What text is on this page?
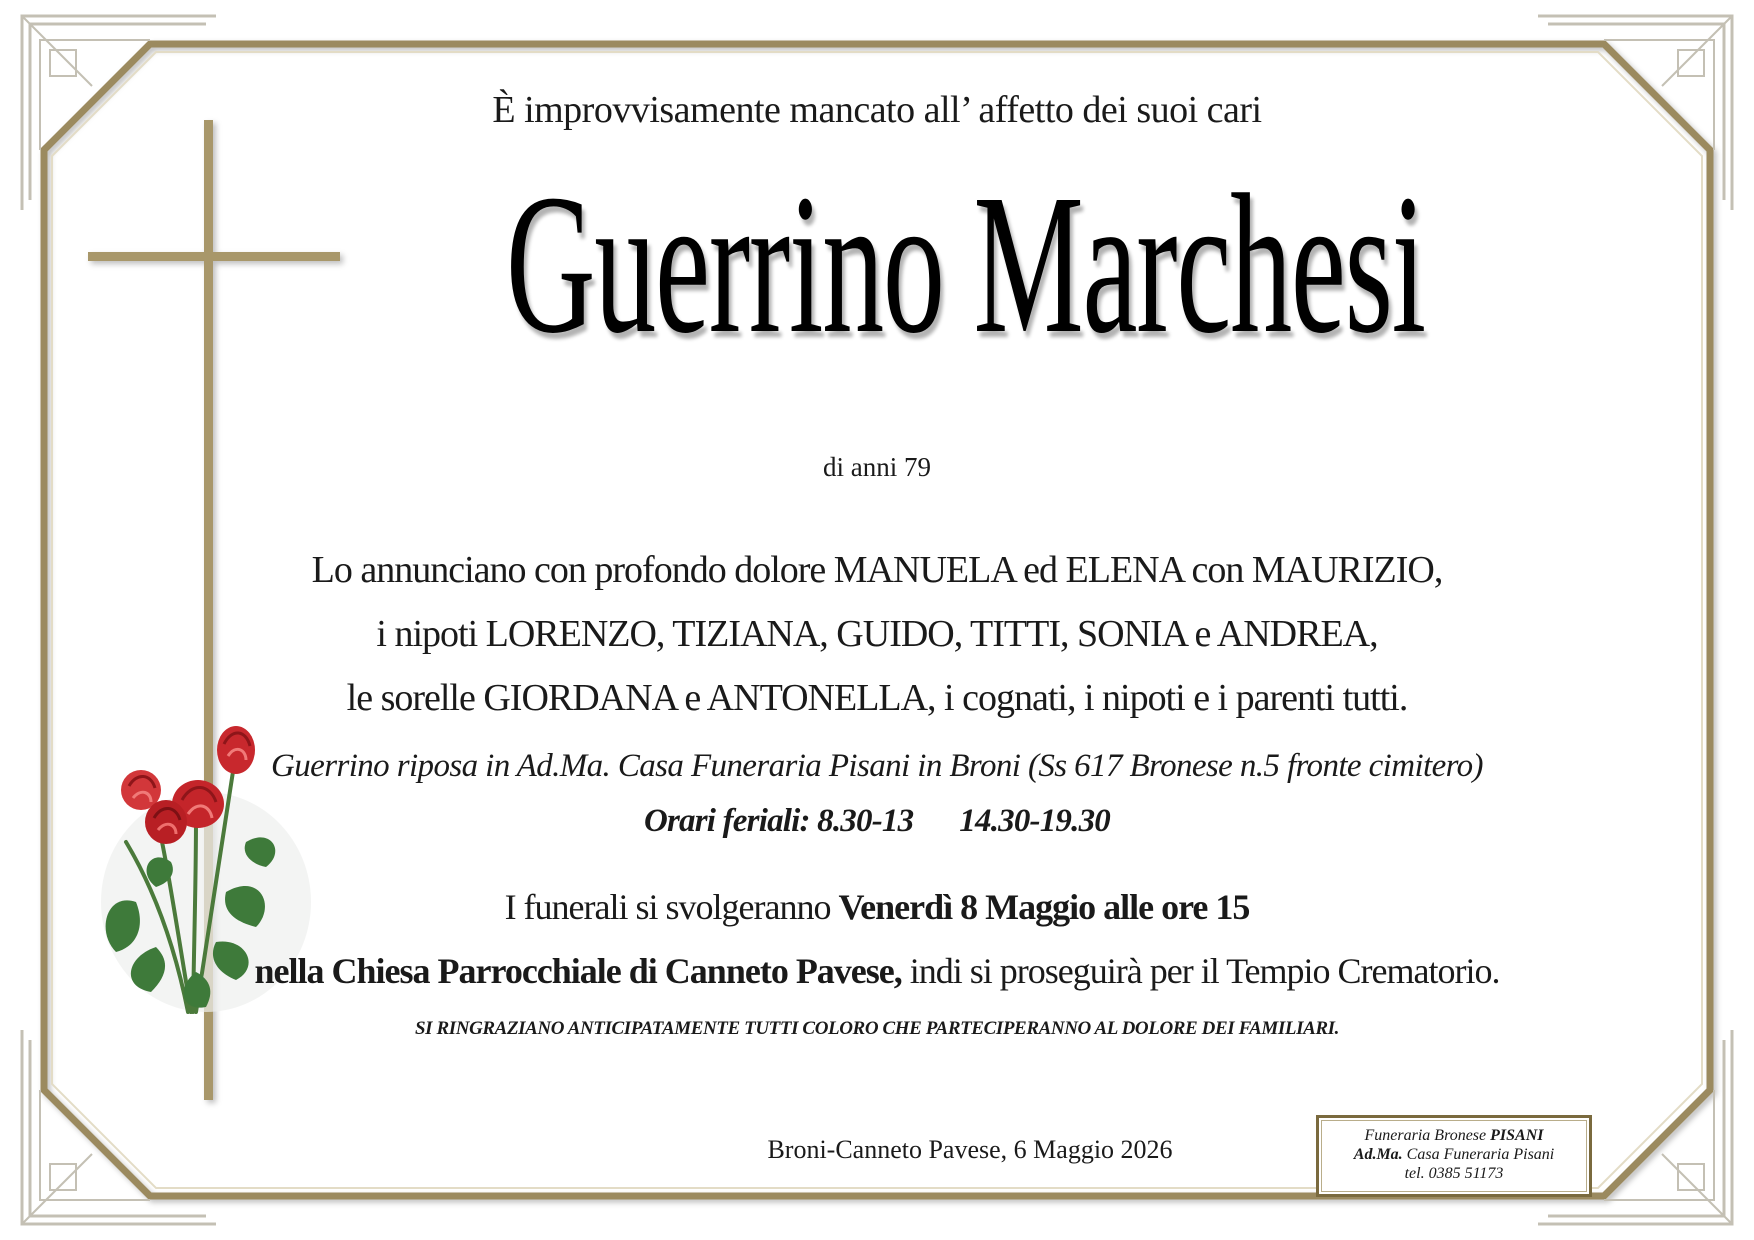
È improvvisamente mancato all’ affetto dei suoi cari
Guerrino Marchesi
di anni 79
Lo annunciano con profondo dolore MANUELA ed ELENA con MAURIZIO,
i nipoti LORENZO, TIZIANA, GUIDO, TITTI, SONIA e ANDREA,
le sorelle GIORDANA e ANTONELLA, i cognati, i nipoti e i parenti tutti.
Guerrino riposa in Ad.Ma. Casa Funeraria Pisani in Broni (Ss 617 Bronese n.5 fronte cimitero)
Orari feriali: 8.30-13 14.30-19.30
I funerali si svolgeranno Venerdì 8 Maggio alle ore 15
nella Chiesa Parrocchiale di Canneto Pavese, indi si proseguirà per il Tempio Crematorio.
SI RINGRAZIANO ANTICIPATAMENTE TUTTI COLORO CHE PARTECIPERANNO AL DOLORE DEI FAMILIARI.
Broni-Canneto Pavese, 6 Maggio 2026	Funeraria Bronese PISANI
Ad.Ma. Casa Funeraria Pisani
tel. 0385 51173
